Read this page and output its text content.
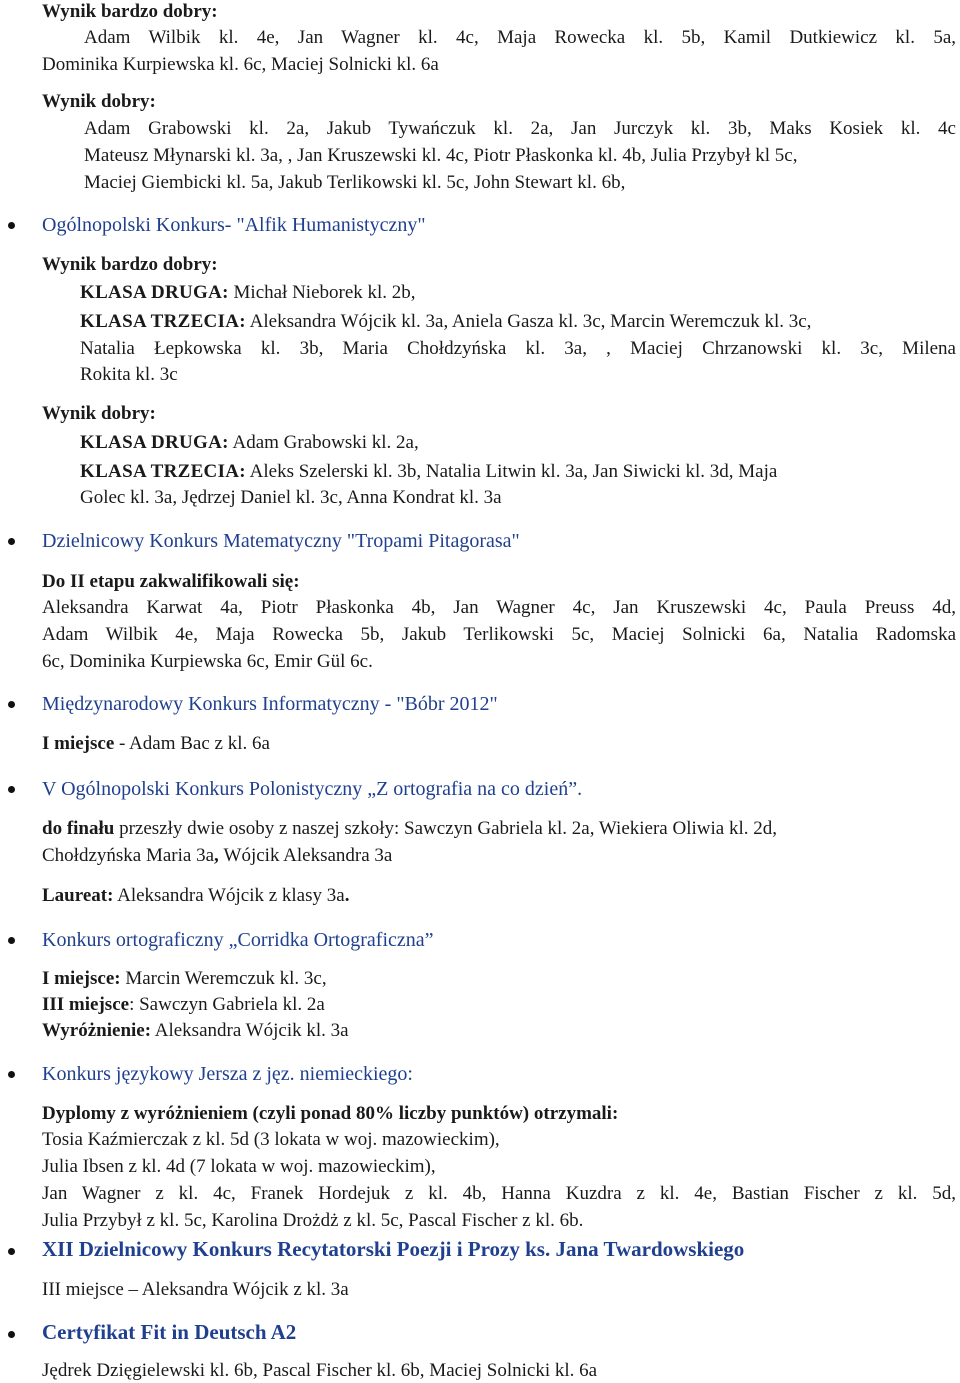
Wynik bardzo dobry:
Adam Wilbik kl. 4e, Jan Wagner kl. 4c, Maja Rowecka kl. 5b, Kamil Dutkiewicz kl. 5a,
Dominika Kurpiewska kl. 6c, Maciej Solnicki kl. 6a
Wynik dobry:
Adam Grabowski kl. 2a, Jakub Tywańczuk kl. 2a, Jan Jurczyk kl. 3b, Maks Kosiek kl. 4c
Mateusz Młynarski kl. 3a, , Jan Kruszewski kl. 4c, Piotr Płaskonka kl. 4b, Julia Przybył kl 5c,
Maciej Giembicki kl. 5a, Jakub Terlikowski kl. 5c, John Stewart kl. 6b,
Ogólnopolski Konkurs- "Alfik Humanistyczny"
Wynik bardzo dobry:
KLASA DRUGA: Michał Nieborek kl. 2b,
KLASA TRZECIA: Aleksandra Wójcik kl. 3a, Aniela Gasza kl. 3c, Marcin Weremczuk kl. 3c,
Natalia Łepkowska kl. 3b, Maria Chołdzyńska kl. 3a, , Maciej Chrzanowski kl. 3c, Milena
Rokita kl. 3c
Wynik dobry:
KLASA DRUGA: Adam Grabowski kl. 2a,
KLASA TRZECIA: Aleks Szelerski kl. 3b, Natalia Litwin kl. 3a, Jan Siwicki kl. 3d, Maja
Golec kl. 3a, Jędrzej Daniel kl. 3c, Anna Kondrat kl. 3a
Dzielnicowy Konkurs Matematyczny "Tropami Pitagorasa"
Do II etapu zakwalifikowali się:
Aleksandra Karwat 4a, Piotr Płaskonka 4b, Jan Wagner 4c, Jan Kruszewski 4c, Paula Preuss 4d,
Adam Wilbik 4e, Maja Rowecka 5b, Jakub Terlikowski 5c, Maciej Solnicki 6a, Natalia Radomska
6c, Dominika Kurpiewska 6c, Emir Gül 6c.
Międzynarodowy Konkurs Informatyczny - "Bóbr 2012"
I miejsce - Adam Bac z kl. 6a
V Ogólnopolski Konkurs Polonistyczny „Z ortografia na co dzień”.
do finału przeszły dwie osoby z naszej szkoły: Sawczyn Gabriela kl. 2a, Wiekiera Oliwia kl. 2d,
Chołdzyńska Maria 3a, Wójcik Aleksandra 3a
Laureat: Aleksandra Wójcik z klasy 3a.
Konkurs ortograficzny „Corridka Ortograficzna”
I miejsce: Marcin Weremczuk kl. 3c,
III miejsce: Sawczyn Gabriela kl. 2a
Wyróżnienie: Aleksandra Wójcik kl. 3a
Konkurs językowy Jersza z jęz. niemieckiego:
Dyplomy z wyróżnieniem (czyli ponad 80% liczby punktów) otrzymali:
Tosia Kaźmierczak z kl. 5d (3 lokata w woj. mazowieckim),
Julia Ibsen z kl. 4d (7 lokata w woj. mazowieckim),
Jan Wagner z kl. 4c, Franek Hordejuk z kl. 4b, Hanna Kuzdra z kl. 4e, Bastian Fischer z kl. 5d,
Julia Przybył z kl. 5c, Karolina Drożdż z kl. 5c, Pascal Fischer z kl. 6b.
XII Dzielnicowy Konkurs Recytatorski Poezji i Prozy ks. Jana Twardowskiego
III miejsce – Aleksandra Wójcik z kl. 3a
Certyfikat Fit in Deutsch A2
Jędrek Dzięgielewski kl. 6b, Pascal Fischer kl. 6b, Maciej Solnicki kl. 6a
